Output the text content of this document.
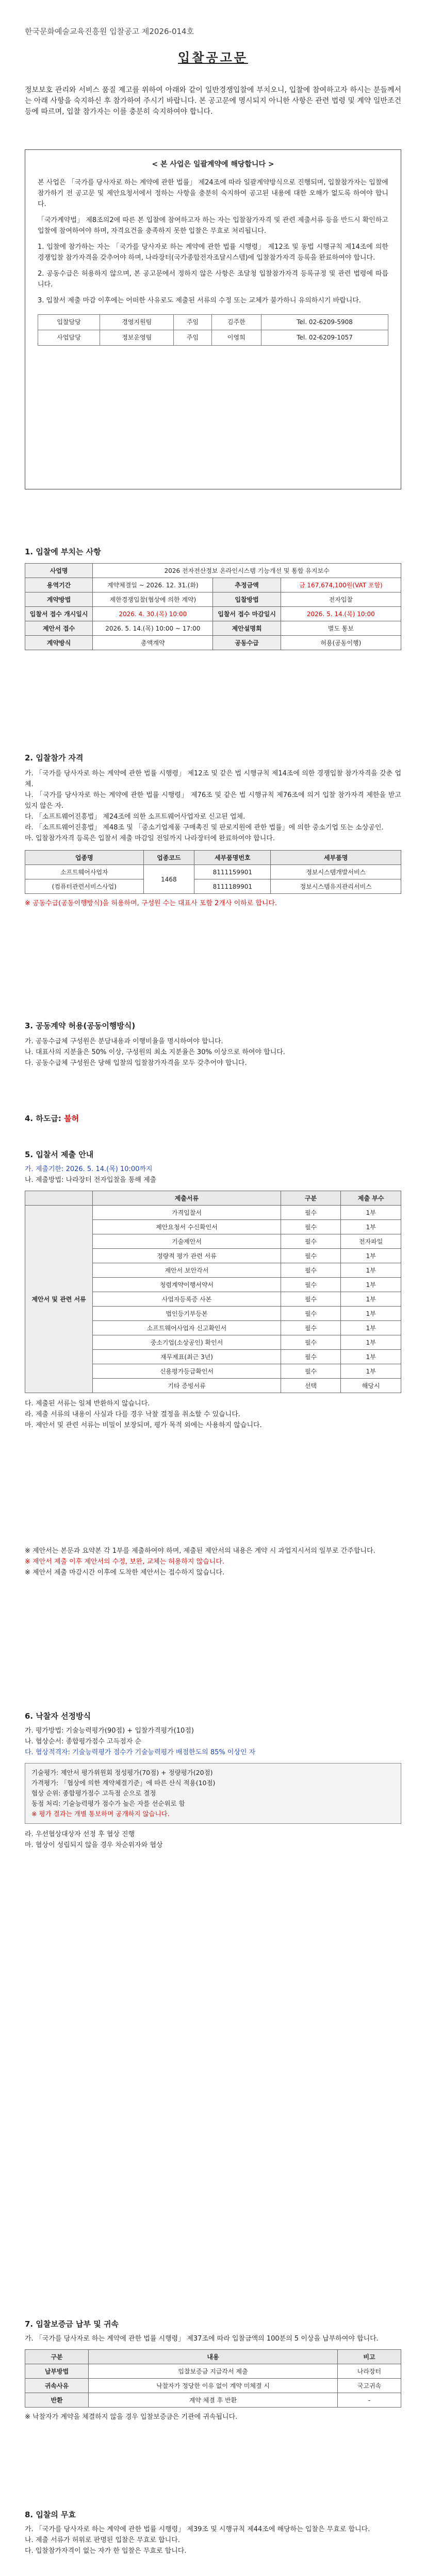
한국문화예술교육진흥원 입찰공고 제2026-014호
입찰공고문
정보보호 관리와 서비스 품질 제고를 위하여 아래와 같이 일반경쟁입찰에 부치오니, 입찰에 참여하고자 하시는 분들께서는 아래 사항을 숙지하신 후 참가하여 주시기 바랍니다. 본 공고문에 명시되지 아니한 사항은 관련 법령 및 계약 일반조건 등에 따르며, 입찰 참가자는 이를 충분히 숙지하여야 합니다.
< 본 사업은 일괄계약에 해당합니다 >

본 사업은 「국가를 당사자로 하는 계약에 관한 법률」 제24조에 따라 일괄계약방식으로 진행되며, 입찰참가자는 입찰에 참가하기 전 공고문 및 제안요청서에서 정하는 사항을 충분히 숙지하여 공고된 내용에 대한 오해가 없도록 하여야 합니다.

「국가계약법」 제8조의2에 따른 본 입찰에 참여하고자 하는 자는 입찰참가자격 및 관련 제출서류 등을 반드시 확인하고 입찰에 참여하여야 하며, 자격요건을 충족하지 못한 입찰은 무효로 처리됩니다.

1. 입찰에 참가하는 자는 「국가를 당사자로 하는 계약에 관한 법률 시행령」 제12조 및 동법 시행규칙 제14조에 의한 경쟁입찰 참가자격을 갖추어야 하며, 나라장터(국가종합전자조달시스템)에 입찰참가자격 등록을 완료하여야 합니다.

2. 공동수급은 허용하지 않으며, 본 공고문에서 정하지 않은 사항은 조달청 입찰참가자격 등록규정 및 관련 법령에 따릅니다.

3. 입찰서 제출 마감 이후에는 어떠한 사유로도 제출된 서류의 수정 또는 교체가 불가하니 유의하시기 바랍니다.

입찰담당	경영지원팀	주임	김주한	Tel. 02-6209-5908
사업담당	정보운영팀	주임	이영희	Tel. 02-6209-1057
1. 입찰에 부치는 사항
사업명	2026 전자전산정보 온라인시스템 기능개선 및 통합 유지보수		
용역기간	계약체결일 ~ 2026. 12. 31.(화)	추정금액	금 167,674,100원(VAT 포함)
계약방법	제한경쟁입찰(협상에 의한 계약)	입찰방법	전자입찰
입찰서 접수 개시일시	2026. 4. 30.(목) 10:00	입찰서 접수 마감일시	2026. 5. 14.(목) 10:00
제안서 접수	2026. 5. 14.(목) 10:00 ~ 17:00	제안설명회	별도 통보
계약방식	총액계약	공동수급	허용(공동이행)
2. 입찰참가 자격
가. 「국가를 당사자로 하는 계약에 관한 법률 시행령」 제12조 및 같은 법 시행규칙 제14조에 의한 경쟁입찰 참가자격을 갖춘 업체.
나. 「국가를 당사자로 하는 계약에 관한 법률 시행령」 제76조 및 같은 법 시행규칙 제76조에 의거 입찰 참가자격 제한을 받고 있지 않은 자.
다. 「소프트웨어진흥법」 제24조에 의한 소프트웨어사업자로 신고된 업체.
라. 「소프트웨어진흥법」 제48조 및 「중소기업제품 구매촉진 및 판로지원에 관한 법률」에 의한 중소기업 또는 소상공인.
마. 입찰참가자격 등록은 입찰서 제출 마감일 전일까지 나라장터에 완료하여야 합니다.
업종명	업종코드	세부품명번호	세부품명
소프트웨어사업자	1468	8111159901	정보시스템개발서비스
(컴퓨터관련서비스사업)		8111189901	정보시스템유지관리서비스
※ 공동수급(공동이행방식)을 허용하며, 구성원 수는 대표사 포함 2개사 이하로 합니다.
3. 공동계약 허용(공동이행방식)
가. 공동수급체 구성원은 분담내용과 이행비율을 명시하여야 합니다.
나. 대표사의 지분율은 50% 이상, 구성원의 최소 지분율은 30% 이상으로 하여야 합니다.
다. 공동수급체 구성원은 당해 입찰의 입찰참가자격을 모두 갖추어야 합니다.
4. 하도급: 불허
5. 입찰서 제출 안내
가. 제출기한: 2026. 5. 14.(목) 10:00까지
나. 제출방법: 나라장터 전자입찰을 통해 제출
	제출서류	구분	제출 부수
제안서 및 관련 서류	가격입찰서	필수	1부
	제안요청서 수신확인서	필수	1부
	기술제안서	필수	전자파일
	정량적 평가 관련 서류	필수	1부
	제안서 보안각서	필수	1부
	청렴계약이행서약서	필수	1부
	사업자등록증 사본	필수	1부
	법인등기부등본	필수	1부
	소프트웨어사업자 신고확인서	필수	1부
	중소기업(소상공인) 확인서	필수	1부
	재무제표(최근 3년)	필수	1부
	신용평가등급확인서	필수	1부
	기타 증빙서류	선택	해당시
다. 제출된 서류는 일체 반환하지 않습니다.
라. 제출 서류의 내용이 사실과 다를 경우 낙찰 결정을 취소할 수 있습니다.
마. 제안서 및 관련 서류는 비밀이 보장되며, 평가 목적 외에는 사용하지 않습니다.
※ 제안서는 본문과 요약본 각 1부를 제출하여야 하며, 제출된 제안서의 내용은 계약 시 과업지시서의 일부로 간주합니다.
※ 제안서 제출 이후 제안서의 수정, 보완, 교체는 허용하지 않습니다.
※ 제안서 제출 마감시간 이후에 도착한 제안서는 접수하지 않습니다.
6. 낙찰자 선정방식
가. 평가방법: 기술능력평가(90점) + 입찰가격평가(10점)
나. 협상순서: 종합평가점수 고득점자 순
다. 협상적격자: 기술능력평가 점수가 기술능력평가 배점한도의 85% 이상인 자
기술평가: 제안서 평가위원회 정성평가(70점) + 정량평가(20점)
가격평가: 「협상에 의한 계약체결기준」에 따른 산식 적용(10점)
협상 순위: 종합평가점수 고득점 순으로 결정
동점 처리: 기술능력평가 점수가 높은 자를 선순위로 함
※ 평가 결과는 개별 통보하며 공개하지 않습니다.
라. 우선협상대상자 선정 후 협상 진행
마. 협상이 성립되지 않을 경우 차순위자와 협상
7. 입찰보증금 납부 및 귀속
가. 「국가를 당사자로 하는 계약에 관한 법률 시행령」 제37조에 따라 입찰금액의 100분의 5 이상을 납부하여야 합니다.
구분	내용	비고
납부방법	입찰보증금 지급각서 제출	나라장터
귀속사유	낙찰자가 정당한 이유 없이 계약 미체결 시	국고귀속
반환	계약 체결 후 반환	-
※ 낙찰자가 계약을 체결하지 않을 경우 입찰보증금은 기관에 귀속됩니다.
8. 입찰의 무효
가. 「국가를 당사자로 하는 계약에 관한 법률 시행령」 제39조 및 시행규칙 제44조에 해당하는 입찰은 무효로 합니다.
나. 제출 서류가 허위로 판명된 입찰은 무효로 합니다.
다. 입찰참가자격이 없는 자가 한 입찰은 무효로 합니다.
